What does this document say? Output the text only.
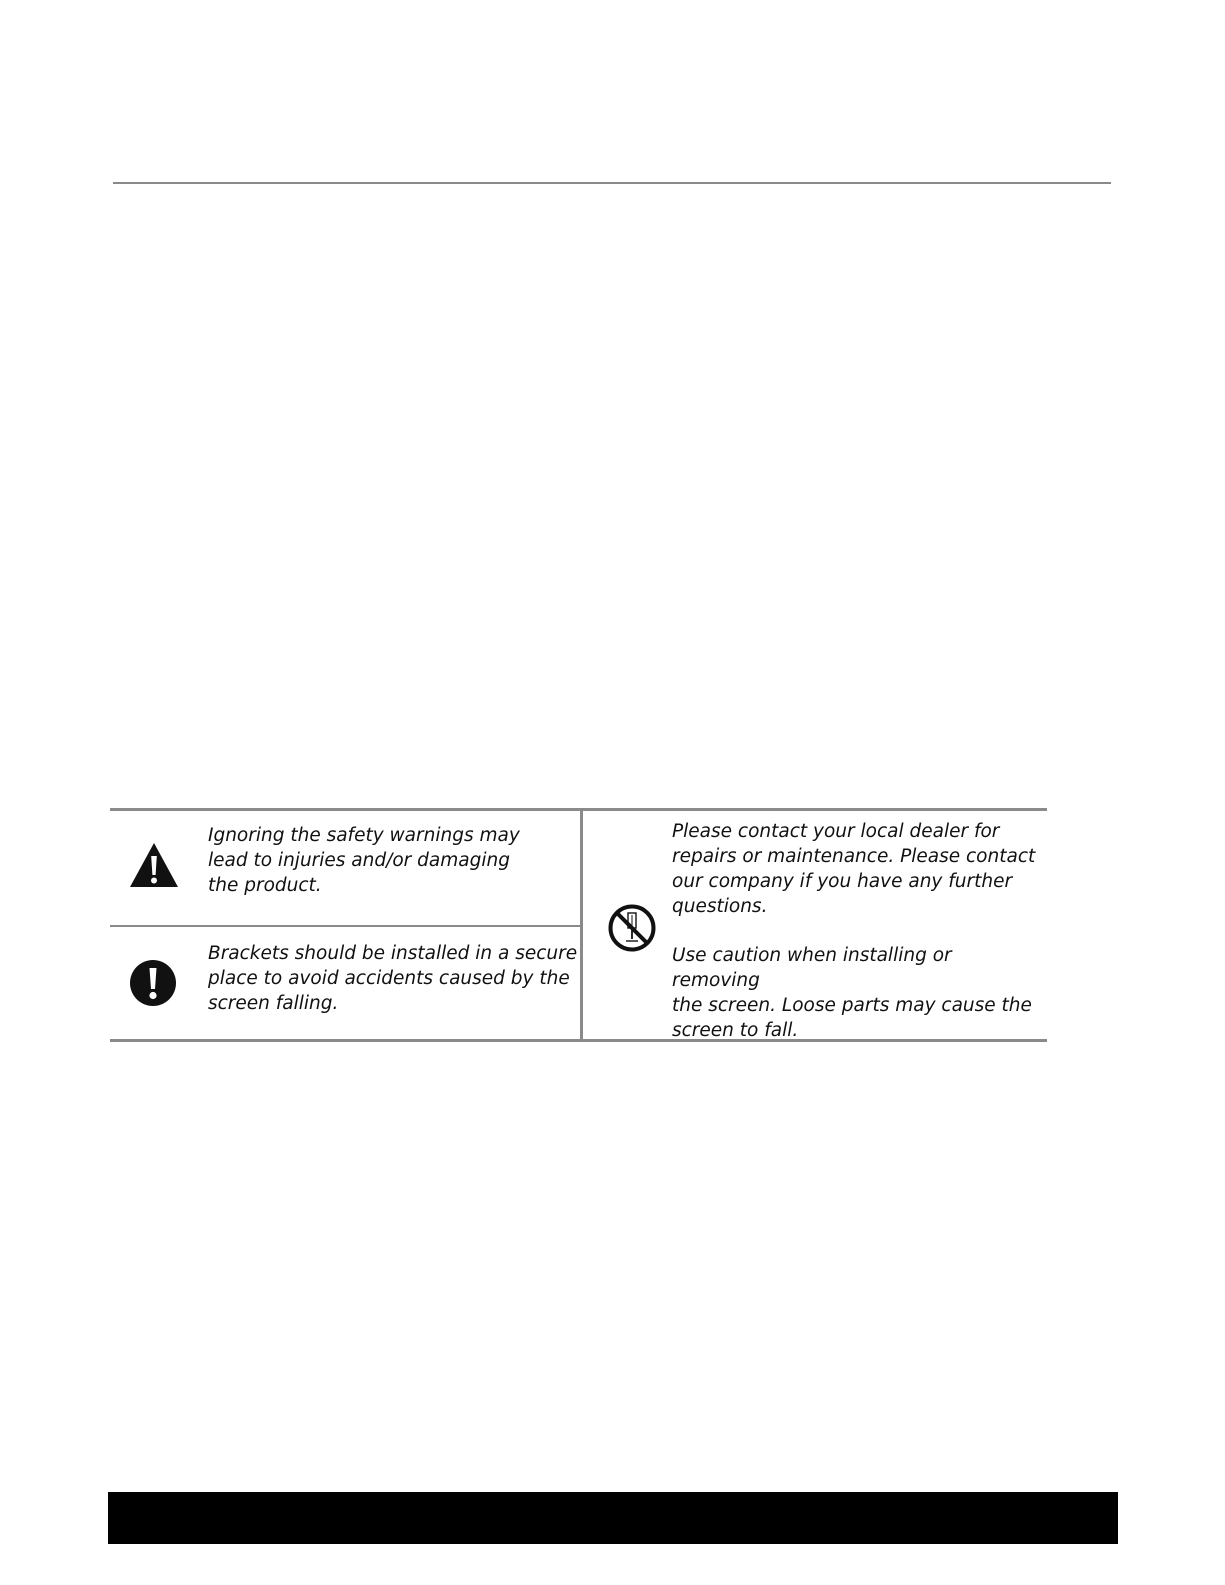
Ignoring the safety warnings may
lead to injuries and/or damaging
the product.

Brackets should be installed in a secure
place to avoid accidents caused by the
screen falling.

Please contact your local dealer for
repairs or maintenance. Please contact
our company if you have any further
questions.

Use caution when installing or removing
the screen. Loose parts may cause the
screen to fall.
